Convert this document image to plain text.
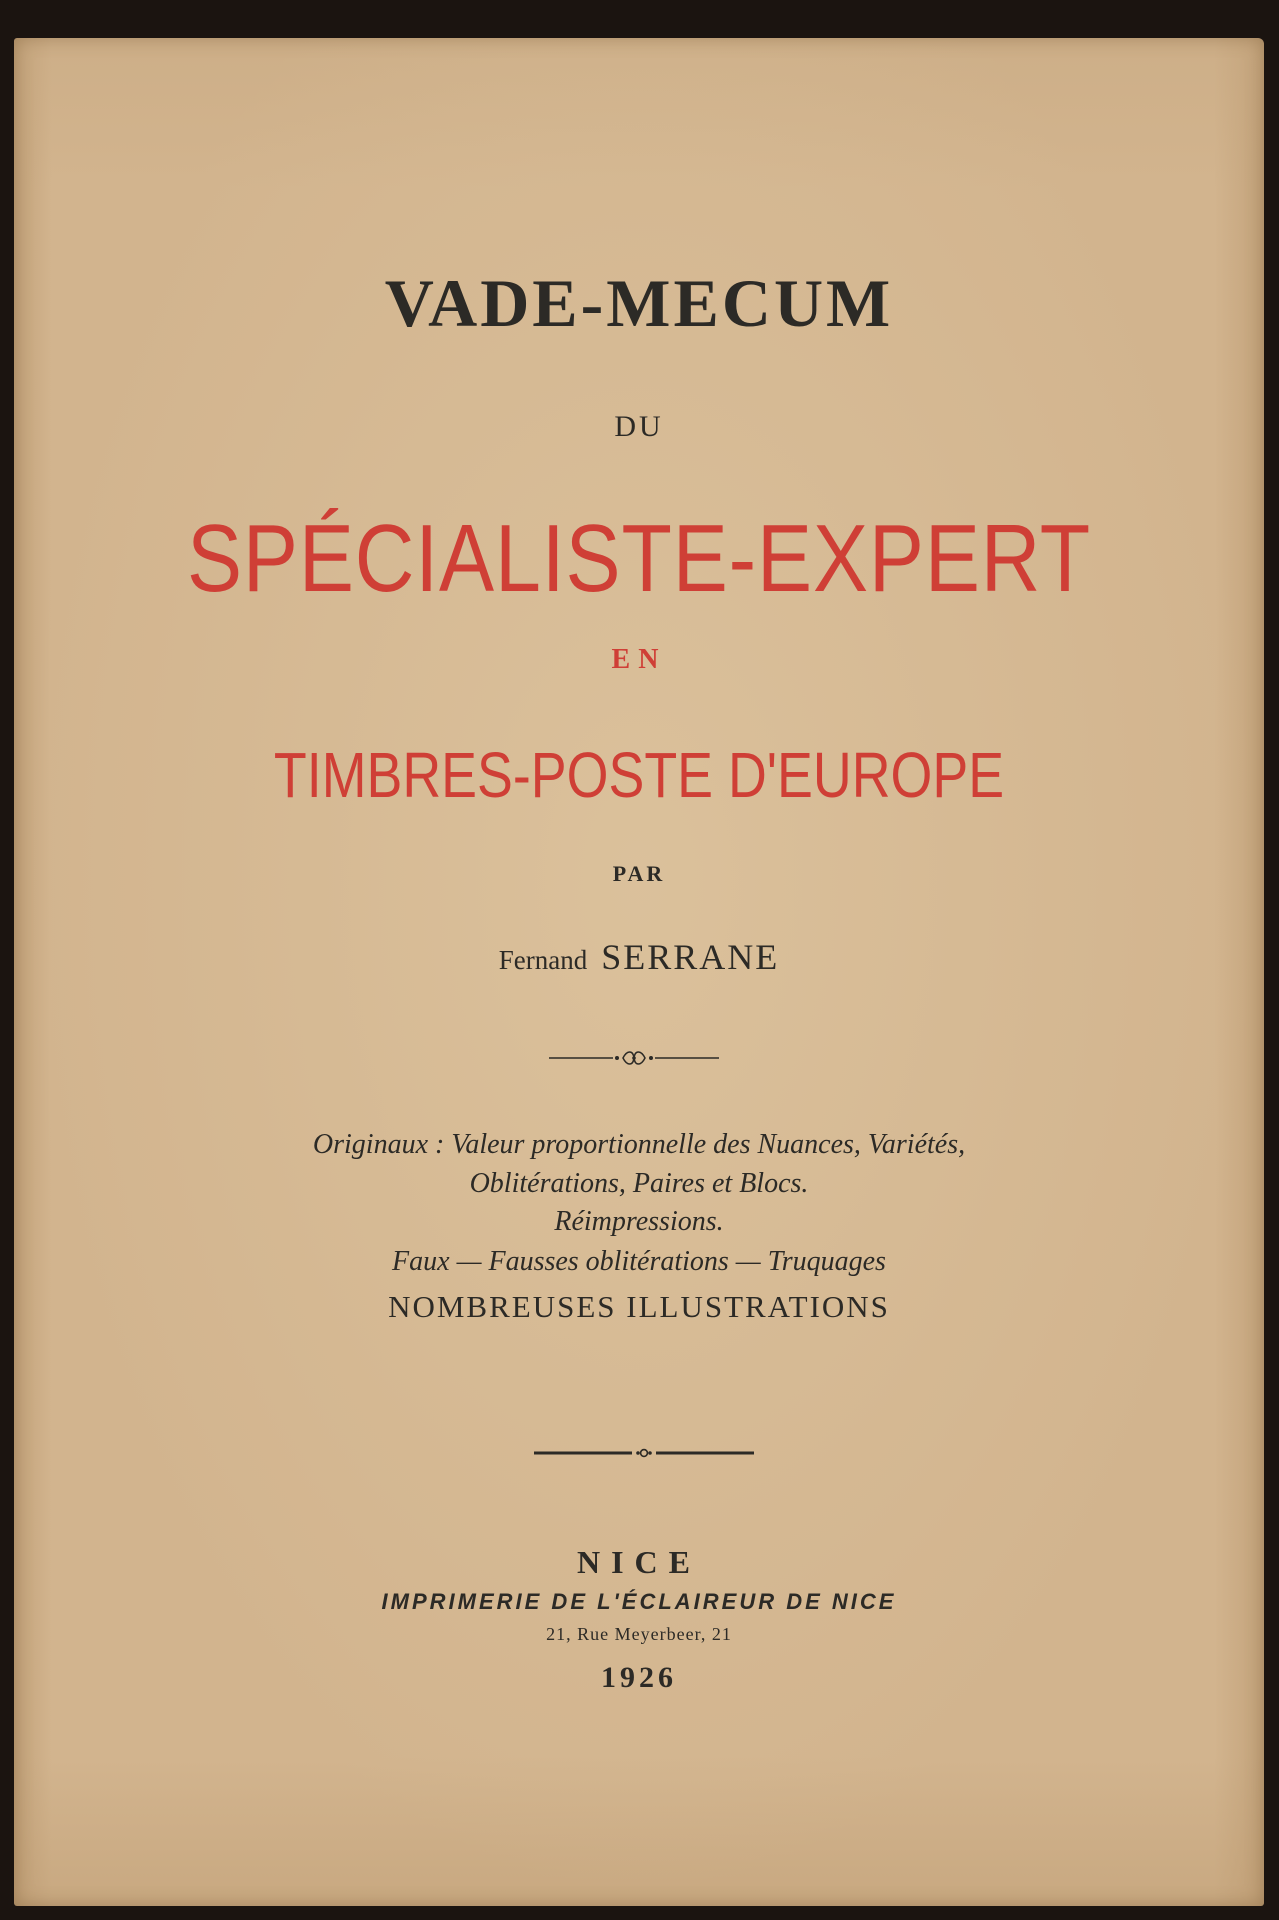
VADE-MECUM
DU
SPÉCIALISTE-EXPERT
EN
TIMBRES-POSTE D'EUROPE
PAR
Fernand SERRANE
Originaux : Valeur proportionnelle des Nuances, Variétés,
Oblitérations, Paires et Blocs.
Réimpressions.
Faux — Fausses oblitérations — Truquages
NOMBREUSES ILLUSTRATIONS
NICE
IMPRIMERIE DE L'ÉCLAIREUR DE NICE
21, Rue Meyerbeer, 21
1926
